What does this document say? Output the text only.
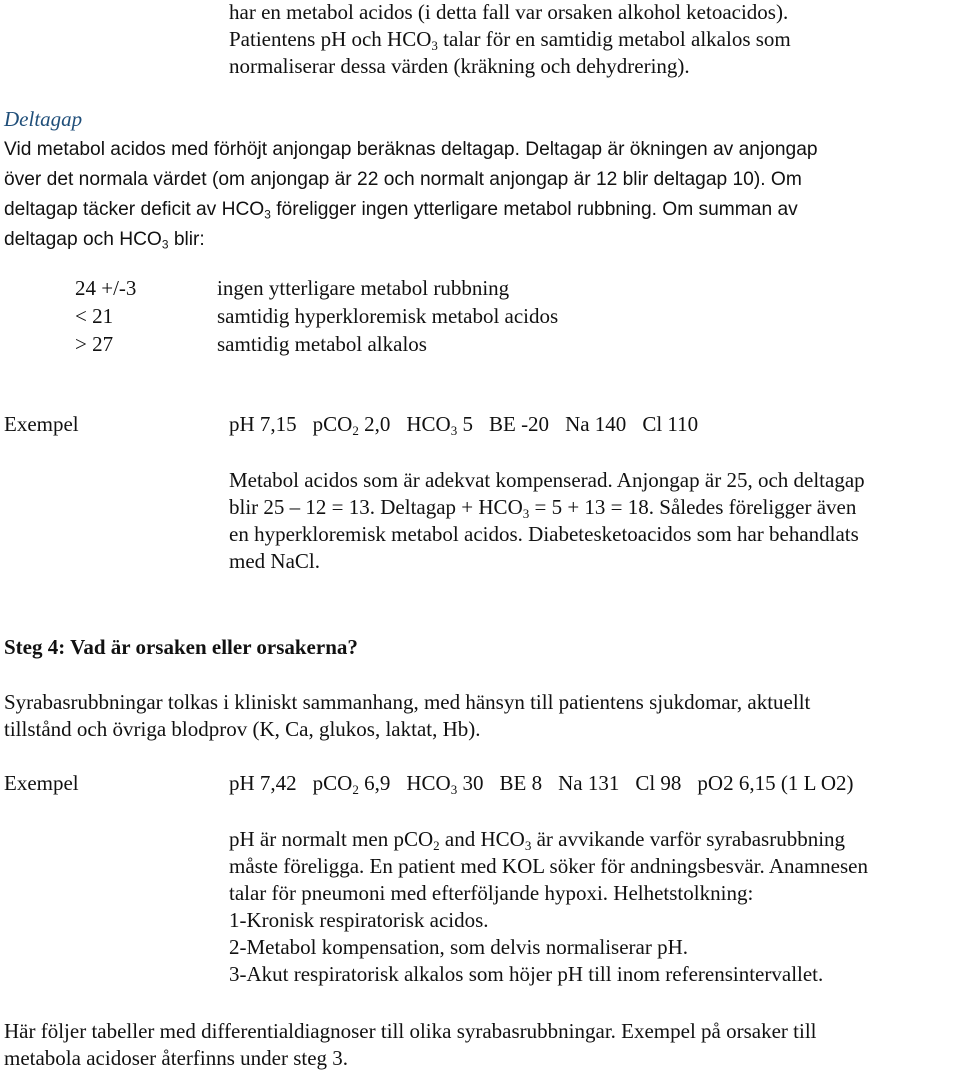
har en metabol acidos (i detta fall var orsaken alkohol ketoacidos).
Patientens pH och $HCO_3$ talar för en samtidig metabol alkalos som
normaliserar dessa värden (kräkning och dehydrering).
Deltagap
Vid metabol acidos med förhöjt anjongap beräknas deltagap. Deltagap är ökningen av anjongap
över det normala värdet (om anjongap är 22 och normalt anjongap är 12 blir deltagap 10). Om
deltagap täcker deficit av $HCO_3$ föreligger ingen ytterligare metabol rubbning. Om summan av
deltagap och $HCO_3$ blir:
24 +/-3	ingen ytterligare metabol rubbning
< 21	samtidig hyperkloremisk metabol acidos
> 27	samtidig metabol alkalos
Exempel	pH 7,15 pCO$_2$ 2,0 $HCO_3$ 5 BE -20 Na 140 Cl 110
Metabol acidos som är adekvat kompenserad. Anjongap är 25, och deltagap
blir 25 – 12 = 13. Deltagap + $HCO_3 = 5 + 13 = 18$. Således föreligger även
en hyperkloremisk metabol acidos. Diabetesketoacidos som har behandlats
med NaCl.
Steg 4: Vad är orsaken eller orsakerna?
Syrabasrubbningar tolkas i kliniskt sammanhang, med hänsyn till patientens sjukdomar, aktuellt
tillstånd och övriga blodprov (K, Ca, glukos, laktat, Hb).
Exempel	pH 7,42 pCO$_2$ 6,9 $HCO_3$ 30 BE 8 Na 131 Cl 98 pO2 6,15 (1 L O2)
pH är normalt men pCO$_2$ and $HCO_3$ är avvikande varför syrabasrubbning
måste föreligga. En patient med KOL söker för andningsbesvär. Anamnesen
talar för pneumoni med efterföljande hypoxi. Helhetstolkning:
1-Kronisk respiratorisk acidos.
2-Metabol kompensation, som delvis normaliserar pH.
3-Akut respiratorisk alkalos som höjer pH till inom referensintervallet.
Här följer tabeller med differentialdiagnoser till olika syrabasrubbningar. Exempel på orsaker till
metabola acidoser återfinns under steg 3.
